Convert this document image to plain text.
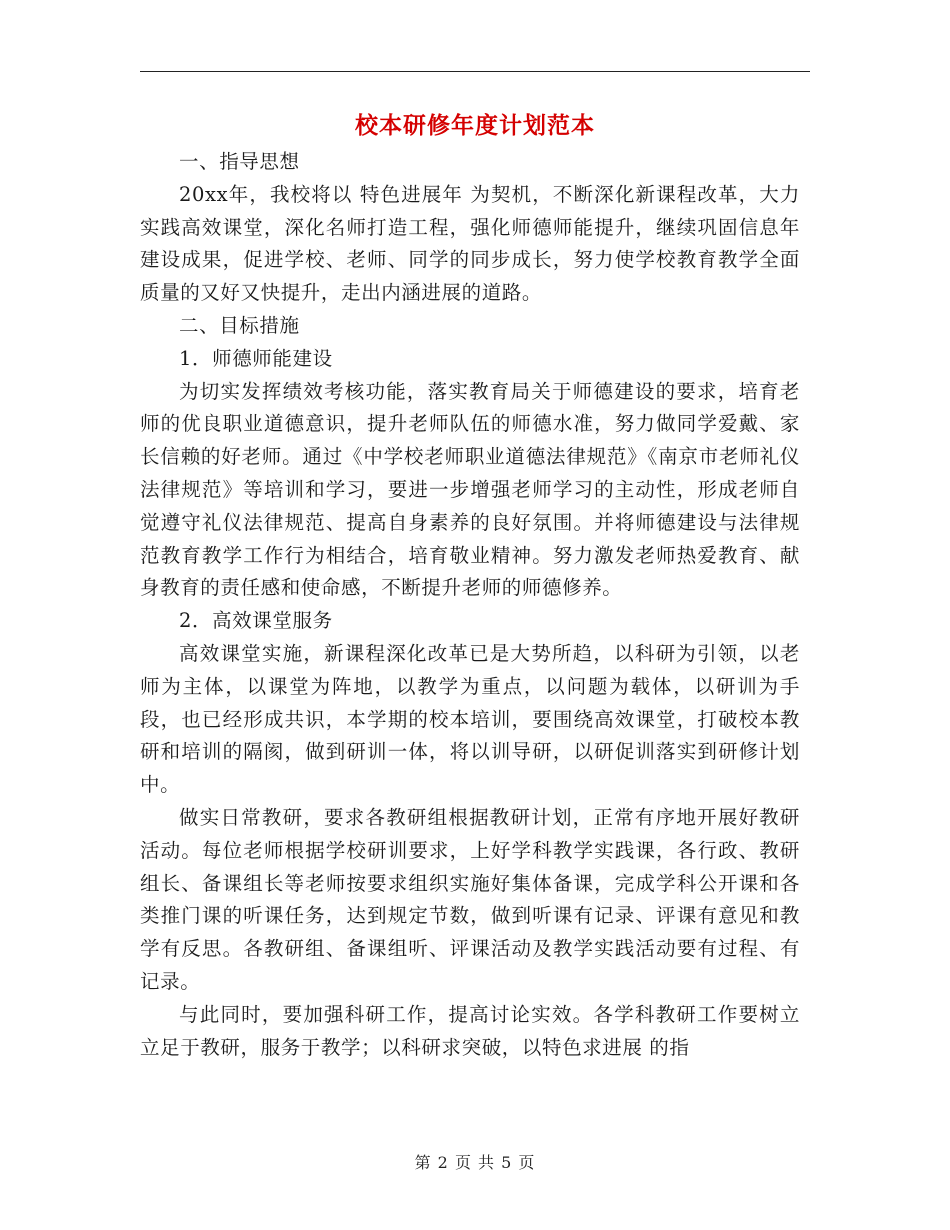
校本研修年度计划范本

一、指导思想

20xx年，我校将以 特色进展年 为契机，不断深化新课程改革，大力实践高效课堂，深化名师打造工程，强化师德师能提升，继续巩固信息年建设成果，促进学校、老师、同学的同步成长，努力使学校教育教学全面质量的又好又快提升，走出内涵进展的道路。

二、目标措施

1．师德师能建设

为切实发挥绩效考核功能，落实教育局关于师德建设的要求，培育老师的优良职业道德意识，提升老师队伍的师德水准，努力做同学爱戴、家长信赖的好老师。通过《中学校老师职业道德法律规范》《南京市老师礼仪法律规范》等培训和学习，要进一步增强老师学习的主动性，形成老师自觉遵守礼仪法律规范、提高自身素养的良好氛围。并将师德建设与法律规范教育教学工作行为相结合，培育敬业精神。努力激发老师热爱教育、献身教育的责任感和使命感，不断提升老师的师德修养。

2．高效课堂服务

高效课堂实施，新课程深化改革已是大势所趋，以科研为引领，以老师为主体，以课堂为阵地，以教学为重点，以问题为载体，以研训为手段，也已经形成共识，本学期的校本培训，要围绕高效课堂，打破校本教研和培训的隔阂，做到研训一体，将以训导研，以研促训落实到研修计划中。

做实日常教研，要求各教研组根据教研计划，正常有序地开展好教研活动。每位老师根据学校研训要求，上好学科教学实践课，各行政、教研组长、备课组长等老师按要求组织实施好集体备课，完成学科公开课和各类推门课的听课任务，达到规定节数，做到听课有记录、评课有意见和教学有反思。各教研组、备课组听、评课活动及教学实践活动要有过程、有记录。

与此同时，要加强科研工作，提高讨论实效。各学科教研工作要树立 立足于教研，服务于教学；以科研求突破，以特色求进展 的指

第 2 页 共 5 页
